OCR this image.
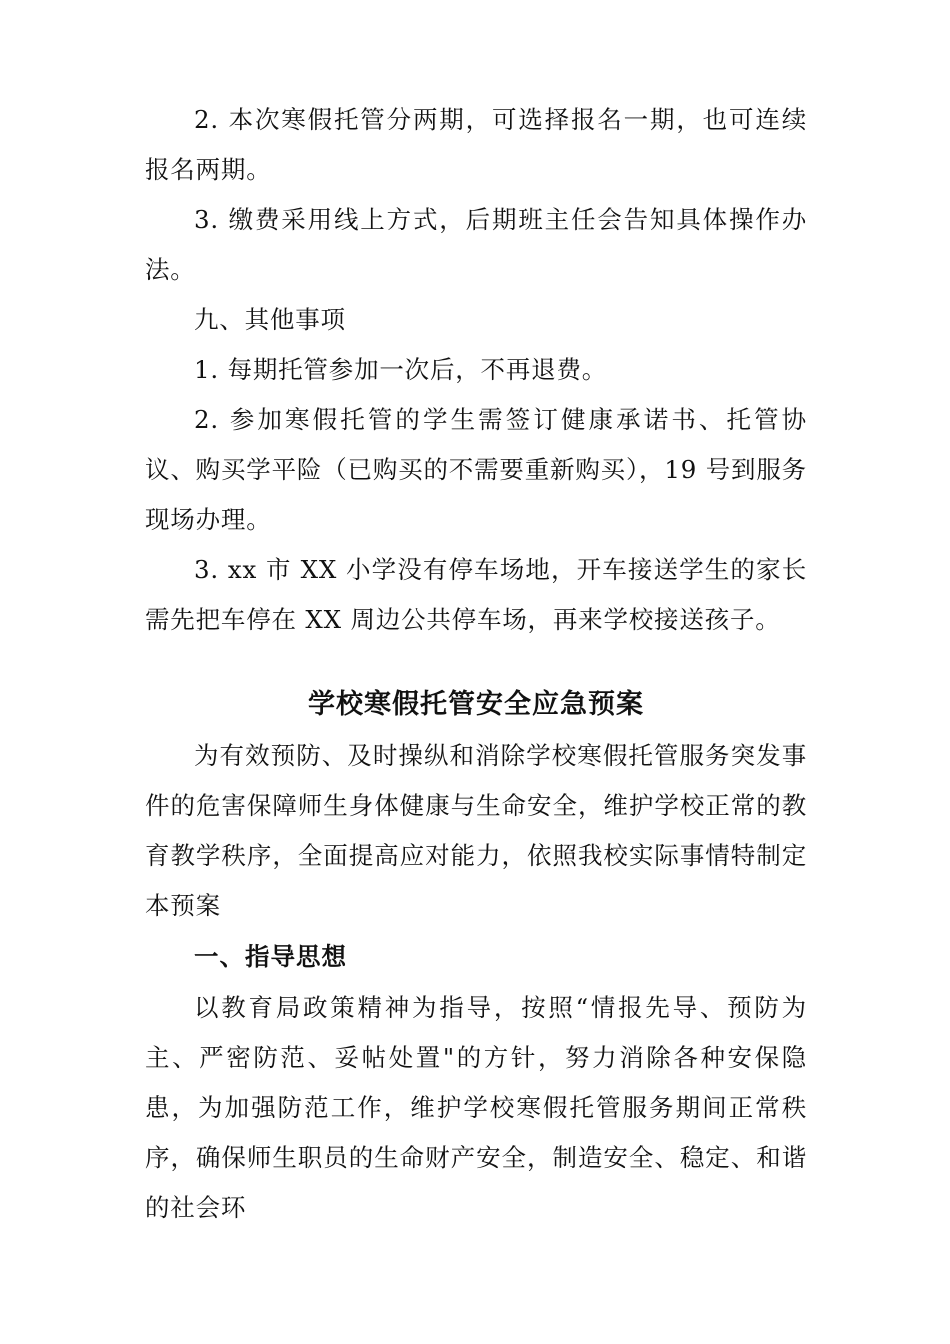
2. 本次寒假托管分两期，可选择报名一期，也可连续报名两期。

3. 缴费采用线上方式，后期班主任会告知具体操作办法。

九、其他事项

1. 每期托管参加一次后，不再退费。

2. 参加寒假托管的学生需签订健康承诺书、托管协议、购买学平险（已购买的不需要重新购买），19 号到服务现场办理。

3. xx 市 XX 小学没有停车场地，开车接送学生的家长需先把车停在 XX 周边公共停车场，再来学校接送孩子。

学校寒假托管安全应急预案

为有效预防、及时操纵和消除学校寒假托管服务突发事件的危害保障师生身体健康与生命安全，维护学校正常的教育教学秩序，全面提高应对能力，依照我校实际事情特制定本预案

一、指导思想

以教育局政策精神为指导，按照“情报先导、预防为主、严密防范、妥帖处置"的方针，努力消除各种安保隐患，为加强防范工作，维护学校寒假托管服务期间正常秩序，确保师生职员的生命财产安全，制造安全、稳定、和谐的社会环
